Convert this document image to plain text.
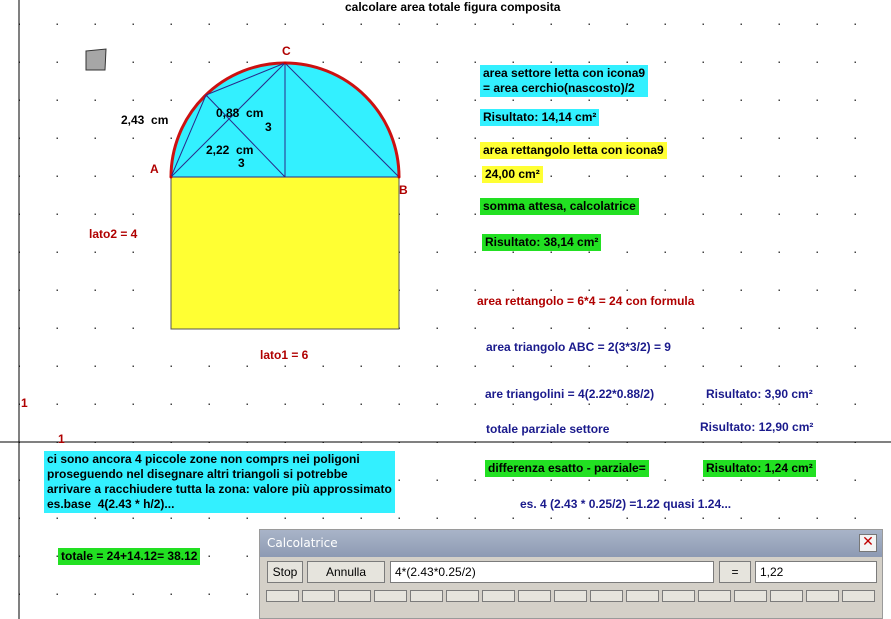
calcolare area totale figura composita
1
1
C
A
B
2,43 cm	0,88 cm
3
2,22 cm
3
lato2 = 4
lato1 = 6
area settore letta con icona9
= area cerchio(nascosto)/2
Risultato: 14,14 cm²
area rettangolo letta con icona9
24,00 cm²
somma attesa, calcolatrice
Risultato: 38,14 cm²
area rettangolo = 6*4 = 24 con formula
area triangolo ABC = 2(3*3/2) = 9
are triangolini = 4(2.22*0.88/2)	Risultato: 3,90 cm²
totale parziale settore	Risultato: 12,90 cm²
ci sono ancora 4 piccole zone non comprs nei poligoni
proseguendo nel disegnare altri triangoli si potrebbe
arrivare a racchiudere tutta la zona: valore più approssimato
es.base  4(2.43 * h/2)...
differenza esatto - parziale=	Risultato: 1,24 cm²
es. 4 (2.43 * 0.25/2) =1.22 quasi 1.24...
totale = 24+14.12= 38.12
Calcolatrice	✕
Stop	Annulla	4*(2.43*0.25/2)	=	1,22
